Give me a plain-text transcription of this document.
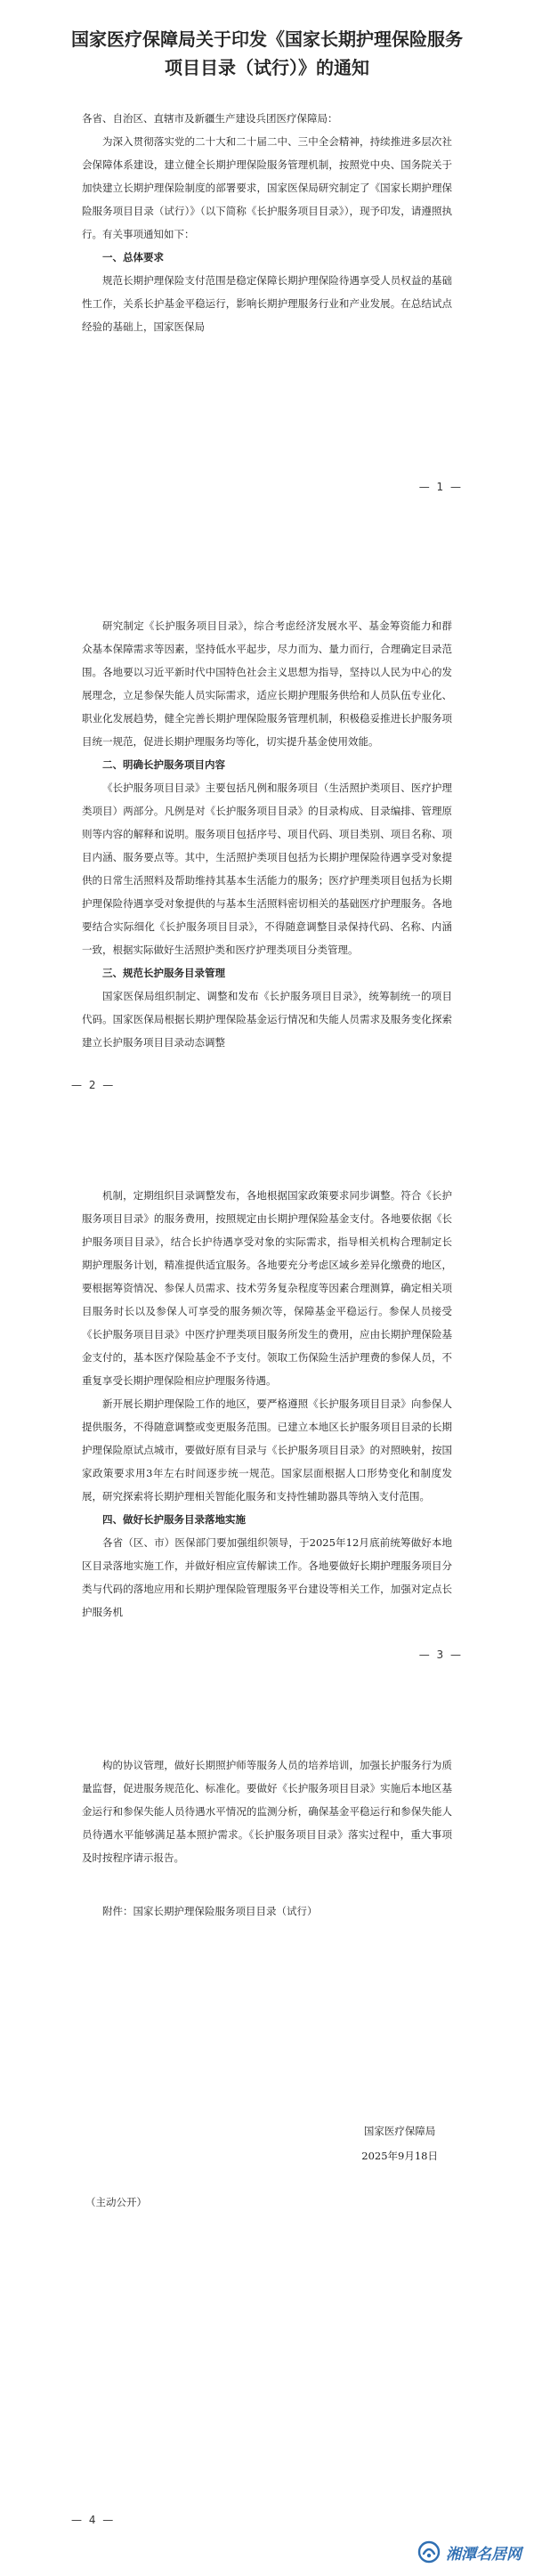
国家医疗保障局关于印发《国家长期护理保险服务项目目录（试行）》的通知

各省、自治区、直辖市及新疆生产建设兵团医疗保障局：

为深入贯彻落实党的二十大和二十届二中、三中全会精神，持续推进多层次社会保障体系建设，建立健全长期护理保险服务管理机制，按照党中央、国务院关于加快建立长期护理保险制度的部署要求，国家医保局研究制定了《国家长期护理保险服务项目目录（试行）》（以下简称《长护服务项目目录》），现予印发，请遵照执行。有关事项通知如下：

一、总体要求

规范长期护理保险支付范围是稳定保障长期护理保险待遇享受人员权益的基础性工作，关系长护基金平稳运行，影响长期护理服务行业和产业发展。在总结试点经验的基础上，国家医保局

— 1 —

研究制定《长护服务项目目录》，综合考虑经济发展水平、基金筹资能力和群众基本保障需求等因素，坚持低水平起步，尽力而为、量力而行，合理确定目录范围。各地要以习近平新时代中国特色社会主义思想为指导，坚持以人民为中心的发展理念，立足参保失能人员实际需求，适应长期护理服务供给和人员队伍专业化、职业化发展趋势，健全完善长期护理保险服务管理机制，积极稳妥推进长护服务项目统一规范，促进长期护理服务均等化，切实提升基金使用效能。

二、明确长护服务项目内容

《长护服务项目目录》主要包括凡例和服务项目（生活照护类项目、医疗护理类项目）两部分。凡例是对《长护服务项目目录》的目录构成、目录编排、管理原则等内容的解释和说明。服务项目包括序号、项目代码、项目类别、项目名称、项目内涵、服务要点等。其中，生活照护类项目包括为长期护理保险待遇享受对象提供的日常生活照料及帮助维持其基本生活能力的服务；医疗护理类项目包括为长期护理保险待遇享受对象提供的与基本生活照料密切相关的基础医疗护理服务。各地要结合实际细化《长护服务项目目录》，不得随意调整目录保持代码、名称、内涵一致，根据实际做好生活照护类和医疗护理类项目分类管理。

三、规范长护服务目录管理

国家医保局组织制定、调整和发布《长护服务项目目录》，统筹制统一的项目代码。国家医保局根据长期护理保险基金运行情况和失能人员需求及服务变化探索建立长护服务项目目录动态调整

— 2 —

机制，定期组织目录调整发布，各地根据国家政策要求同步调整。符合《长护服务项目目录》的服务费用，按照规定由长期护理保险基金支付。各地要依据《长护服务项目目录》，结合长护待遇享受对象的实际需求，指导相关机构合理制定长期护理服务计划，精准提供适宜服务。各地要充分考虑区域乡差异化缴费的地区，要根据筹资情况、参保人员需求、技术劳务复杂程度等因素合理测算，确定相关项目服务时长以及参保人可享受的服务频次等，保障基金平稳运行。参保人员接受《长护服务项目目录》中医疗护理类项目服务所发生的费用，应由长期护理保险基金支付的，基本医疗保险基金不予支付。领取工伤保险生活护理费的参保人员，不重复享受长期护理保险相应护理服务待遇。

新开展长期护理保险工作的地区，要严格遵照《长护服务项目目录》向参保人提供服务，不得随意调整或变更服务范围。已建立本地区长护服务项目目录的长期护理保险原试点城市，要做好原有目录与《长护服务项目目录》的对照映射，按国家政策要求用3年左右时间逐步统一规范。国家层面根据人口形势变化和制度发展，研究探索将长期护理相关智能化服务和支持性辅助器具等纳入支付范围。

四、做好长护服务目录落地实施

各省（区、市）医保部门要加强组织领导，于2025年12月底前统筹做好本地区目录落地实施工作，并做好相应宣传解读工作。各地要做好长期护理服务项目分类与代码的落地应用和长期护理保险管理服务平台建设等相关工作，加强对定点长护服务机

— 3 —

构的协议管理，做好长期照护师等服务人员的培养培训，加强长护服务行为质量监督，促进服务规范化、标准化。要做好《长护服务项目目录》实施后本地区基金运行和参保失能人员待遇水平情况的监测分析，确保基金平稳运行和参保失能人员待遇水平能够满足基本照护需求。《长护服务项目目录》落实过程中，重大事项及时按程序请示报告。

附件：国家长期护理保险服务项目目录（试行）

国家医疗保障局
2025年9月18日
（主动公开）
— 4 —
湘潭名居网
